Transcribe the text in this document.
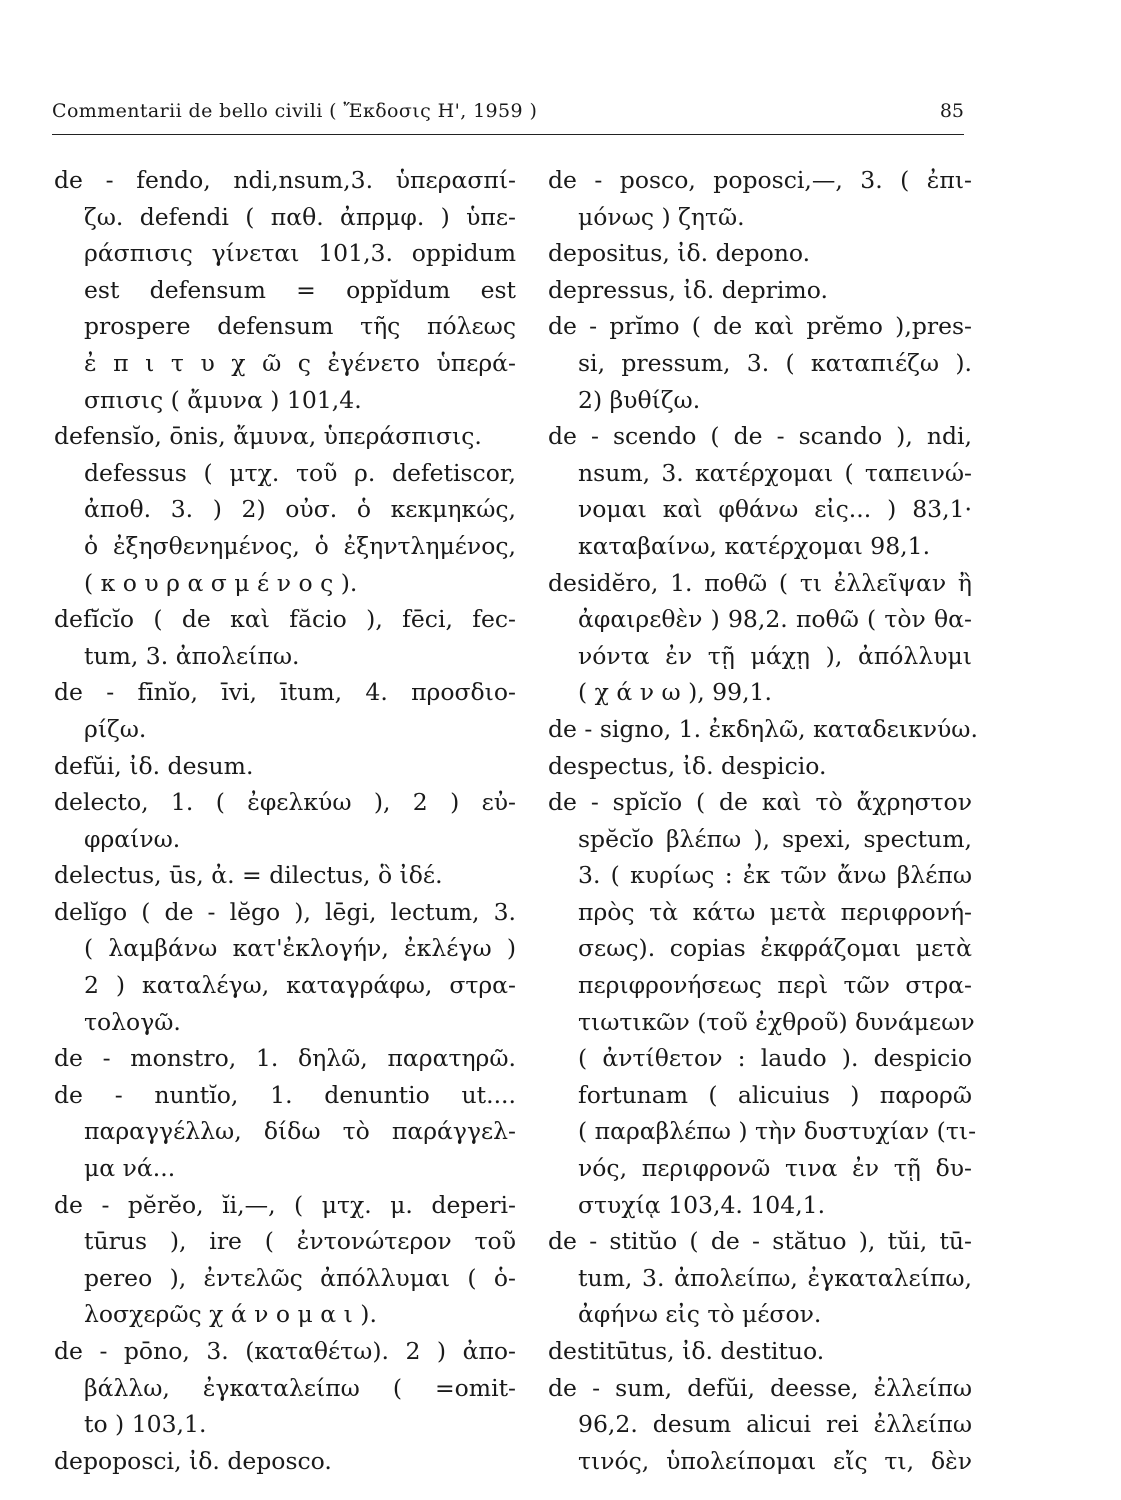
Commentarii de bello civili ( Ἔκδοσις Η', 1959 )	85
de - fendo, ndi,nsum,3. ὑπερασπί-
ζω. defendi ( παθ. ἀπρμφ. ) ὑπε-
ράσπισις γίνεται 101,3. oppidum
est defensum = oppĭdum est
prospere defensum τῆς πόλεως
ἐ π ι τ υ χ ῶ ς ἐγένετο ὑπερά-
σπισις ( ἄμυνα ) 101,4.
defensĭo, ōnis, ἄμυνα, ὑπεράσπισις.
defessus ( μτχ. τοῦ ρ. defetiscor,
ἀποθ. 3. ) 2) οὐσ. ὁ κεκμηκώς,
ὁ ἐξησθενημένος, ὁ ἐξηντλημένος,
( κ ο υ ρ α σ μ έ ν ο ς ).
defĭcĭo ( de καὶ făcio ), fēci, fec-
tum, 3. ἀπολείπω.
de - fīnĭo, īvi, ītum, 4. προσδιο-
ρίζω.
defŭi, ἰδ. desum.
delecto, 1. ( ἐφελκύω ), 2 ) εὐ-
φραίνω.
delectus, ūs, ἀ. = dilectus, ὃ ἰδέ.
delĭgo ( de - lĕgo ), lēgi, lectum, 3.
( λαμβάνω κατ'ἐκλογήν, ἐκλέγω )
2 ) καταλέγω, καταγράφω, στρα-
τολογῶ.
de - monstro, 1. δηλῶ, παρατηρῶ.
de - nuntĭo, 1. denuntio ut....
παραγγέλλω, δίδω τὸ παράγγελ-
μα νά...
de - pĕrĕo, ĭi,—, ( μτχ. μ. deperi-
tūrus ), ire ( ἐντονώτερον τοῦ
pereo ), ἐντελῶς ἀπόλλυμαι ( ὁ-
λοσχερῶς χ ά ν ο μ α ι ).
de - pōno, 3. (καταθέτω). 2 ) ἀπο-
βάλλω, ἐγκαταλείπω ( =omit-
to ) 103,1.
depoposci, ἰδ. deposco.
de - posco, poposci,—, 3. ( ἐπι-
μόνως ) ζητῶ.
depositus, ἰδ. depono.
depressus, ἰδ. deprimo.
de - prĭmo ( de καὶ prĕmo ),pres-
si, pressum, 3. ( καταπιέζω ).
2) βυθίζω.
de - scendo ( de - scando ), ndi,
nsum, 3. κατέρχομαι ( ταπεινώ-
νομαι καὶ φθάνω εἰς... ) 83,1·
καταβαίνω, κατέρχομαι 98,1.
desidĕro, 1. ποθῶ ( τι ἐλλεῖψαν ἢ
ἀφαιρεθὲν ) 98,2. ποθῶ ( τὸν θα-
νόντα ἐν τῇ μάχῃ ), ἀπόλλυμι
( χ ά ν ω ), 99,1.
de - signo, 1. ἐκδηλῶ, καταδεικνύω.
despectus, ἰδ. despicio.
de - spĭcĭo ( de καὶ τὸ ἄχρηστον
spĕcĭo βλέπω ), spexi, spectum,
3. ( κυρίως : ἐκ τῶν ἄνω βλέπω
πρὸς τὰ κάτω μετὰ περιφρονή-
σεως). copias ἐκφράζομαι μετὰ
περιφρονήσεως περὶ τῶν στρα-
τιωτικῶν (τοῦ ἐχθροῦ) δυνάμεων
( ἀντίθετον : laudo ). despicio
fortunam ( alicuius ) παρορῶ
( παραβλέπω ) τὴν δυστυχίαν (τι-
νός, περιφρονῶ τινα ἐν τῇ δυ-
στυχίᾳ 103,4. 104,1.
de - stitŭo ( de - stătuo ), tŭi, tū-
tum, 3. ἀπολείπω, ἐγκαταλείπω,
ἀφήνω εἰς τὸ μέσον.
destitūtus, ἰδ. destituo.
de - sum, defŭi, deesse, ἐλλείπω
96,2. desum alicui rei ἐλλείπω
τινός, ὑπολείπομαι εἴς τι, δὲν
